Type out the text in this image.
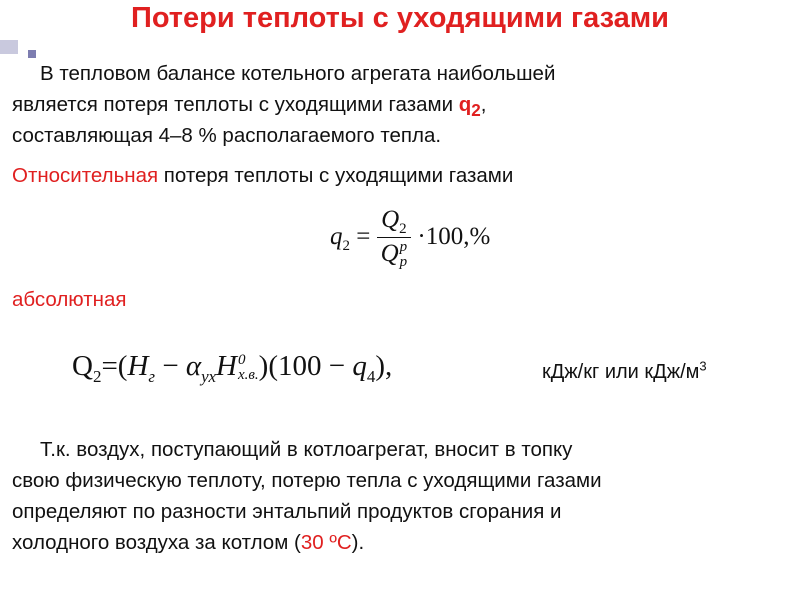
Потери теплоты с уходящими газами
В тепловом балансе котельного агрегата наибольшей
является потеря теплоты с уходящими газами $q_2$,
составляющая 4–8 % располагаемого тепла.
Относительная потеря теплоты с уходящими газами
$q_2 = Q_2$
Q p
p ·100,%
абсолютная
$Q_2=(H_г - \alpha_{ух}H$ 0
х.в. )$(100 - q_4)$,	кДж/кг или кДж/$м^3$
Т.к. воздух, поступающий в котлоагрегат, вносит в топку
свою физическую теплоту, потерю тепла с уходящими газами
определяют по разности энтальпий продуктов сгорания и
холодного воздуха за котлом (30 ºС).
